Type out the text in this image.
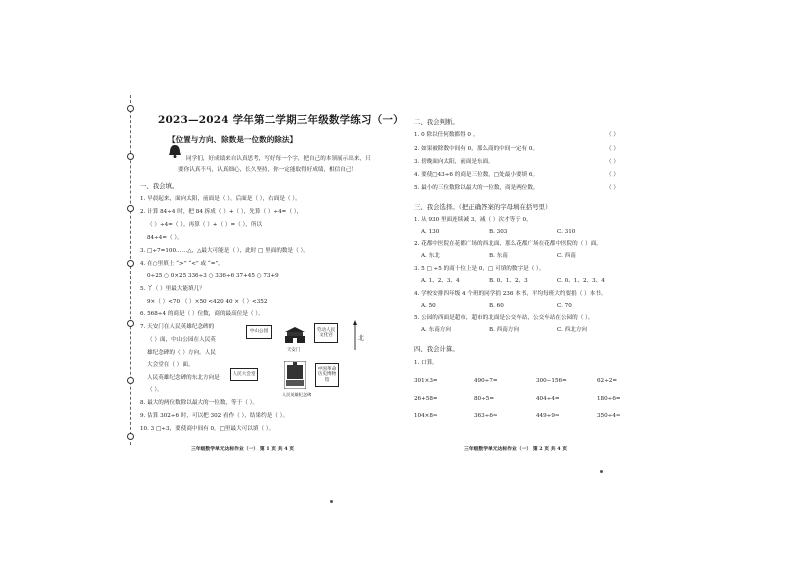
2023—2024 学年第二学期三年级数学练习（一）
【位置与方向、除数是一位数的除法】
同学们，好成绩来自认真思考，写好每一个字，把自己的本领展示出来，只
要你认真不马，认真细心，长久坚持，你一定能取得好成绩，相信自己！
一、我会填。
1. 早晨起来，面向太阳，前面是（ ），后面是（ ），右面是（ ）。
2. 计算 84÷4 时，把 84 拆成（ ）+（ ），先算（ ）÷4=（ ），
（ ）÷4=（ ），再算（ ）+（ ）=（ ），所以
84÷4=（ ）。
3. □÷7=100……△，△最大可能是（ ），此时 □ 里面的数是（ ）。
4. 在○里填上 “>” “<” 或 “=”。
0÷25 ○ 0×25 336÷3 ○ 336÷6 37+45 ○ 73+9
5. 丫（ ）里最大能填几？
9×（ ）<70 （ ）×50 <420 40 ×（ ）<352
6. 568÷4 的商是（ ）位数，商的最高位是（ ）。
7. 天安门在人民英雄纪念碑的
（ ）面，中山公园在人民英
雄纪念碑的（ ）方向。人民
大会堂在（ ）面。
人民英雄纪念碑的东北方向是
（ ）。
中山公园
天安门
劳动人民文化宫
人民大会堂
人民英雄纪念碑
中国革命历史博物馆
北
8. 最大的两位数除以最大的一位数，等于（ ）。
9. 估算 302÷6 时，可以把 302 看作（ ），结果约是（ ）。
10. 3 □÷3，要使商中间有 0，□里最大可以填（ ）。
三年级数学单元达标作业（一） 第 1 页 共 4 页
二、我会判断。
1. 0 除以任何数都得 0 。	（ ）
2. 如果被除数中间有 0，那么商的中间一定有 0。	（ ）
3. 傍晚面向太阳，前面是东面。	（ ）
4. 要使□43÷6 的商是三位数，□处最小要填 6。	（ ）
5. 最小的三位数除以最大的一位数，商是两位数。	（ ）
三、我会选择。（把正确答案的字母填在括号里）
1. 从 930 里面连续减 3，减（ ）次才等于 0。
A. 130	B. 303	C. 310
2. 花都中医院在花都广场的西北面，那么花都广场在花都中医院的（ ）面。
A. 东北	B. 东南	C. 西南
3. 5 □ ÷5 的商十位上是 0，□ 可填的数字是（ ）。
A. 1、2、3、4	B. 0、1、2、3	C. 0、1、2、3、4
4. 学校安排四年级 4 个班的同学捐 236 本书，平均每班大约要捐（ ）本书。
A. 50	B. 60	C. 70
5. 公园的西面是超市，超市的北面是公交车站，公交车站在公园的（ ）。
A. 东南方向	B. 西南方向	C. 西北方向
四、我会计算。
1. 口算。
301×3=	490÷7=	300−156=	62÷2=
26+58=	80÷5=	404÷4=	180÷6=
104×8≈	363÷6≈	449÷9≈	350÷4≈
三年级数学单元达标作业（一） 第 2 页 共 4 页
